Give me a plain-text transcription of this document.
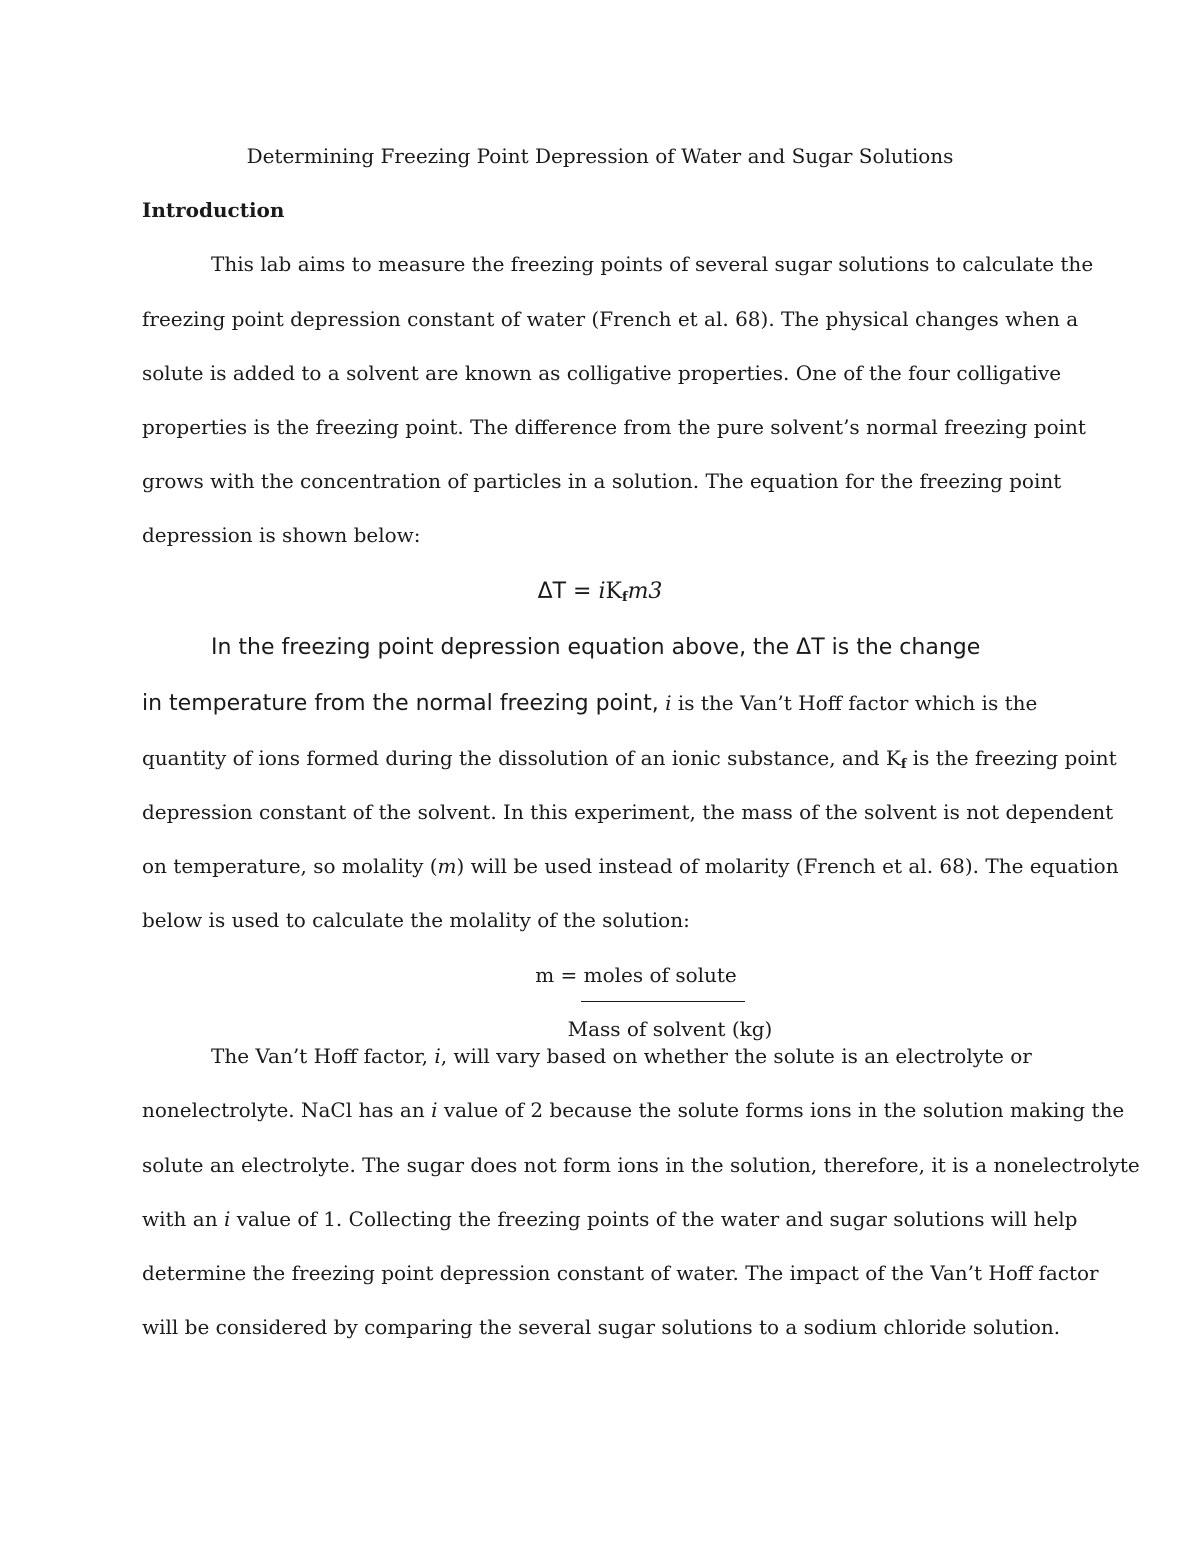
Determining Freezing Point Depression of Water and Sugar Solutions
Introduction
This lab aims to measure the freezing points of several sugar solutions to calculate the
freezing point depression constant of water (French et al. 68). The physical changes when a
solute is added to a solvent are known as colligative properties. One of the four colligative
properties is the freezing point. The difference from the pure solvent’s normal freezing point
grows with the concentration of particles in a solution. The equation for the freezing point
depression is shown below:
$\Delta T = iK_fm3$
In the freezing point depression equation above, the ΔT is the change
in temperature from the normal freezing point, i is the Van’t Hoff factor which is the
quantity of ions formed during the dissolution of an ionic substance, and $K_f$ is the freezing point
depression constant of the solvent. In this experiment, the mass of the solvent is not dependent
on temperature, so molality (m) will be used instead of molarity (French et al. 68). The equation
below is used to calculate the molality of the solution:
m = moles of solute
Mass of solvent (kg)
The Van’t Hoff factor, i, will vary based on whether the solute is an electrolyte or
nonelectrolyte. NaCl has an i value of 2 because the solute forms ions in the solution making the
solute an electrolyte. The sugar does not form ions in the solution, therefore, it is a nonelectrolyte
with an i value of 1. Collecting the freezing points of the water and sugar solutions will help
determine the freezing point depression constant of water. The impact of the Van’t Hoff factor
will be considered by comparing the several sugar solutions to a sodium chloride solution.
